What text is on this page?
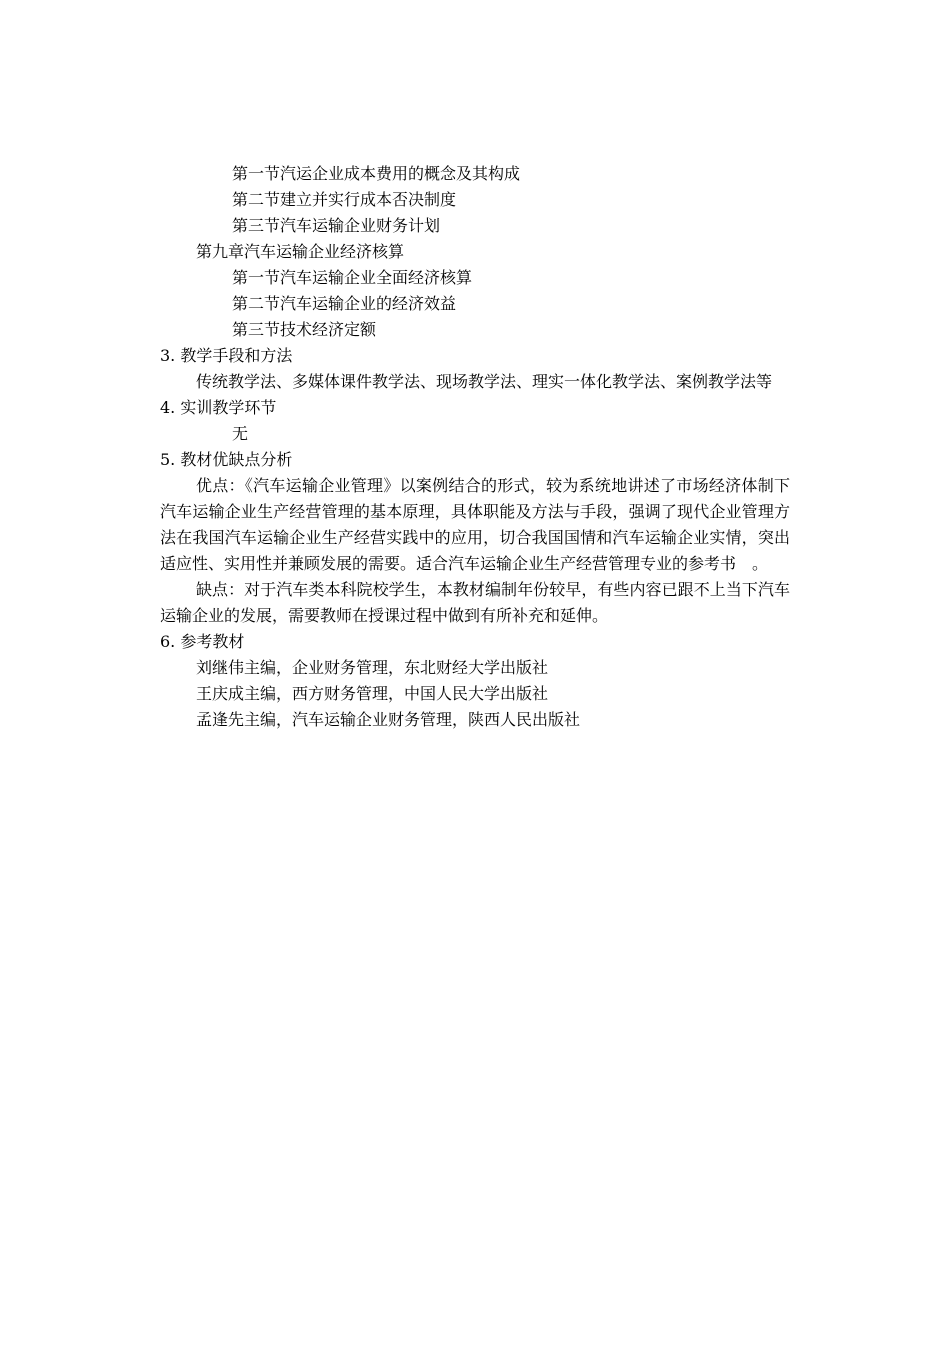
第一节汽运企业成本费用的概念及其构成
第二节建立并实行成本否决制度
第三节汽车运输企业财务计划
第九章汽车运输企业经济核算
第一节汽车运输企业全面经济核算
第二节汽车运输企业的经济效益
第三节技术经济定额
3. 教学手段和方法
传统教学法、多媒体课件教学法、现场教学法、理实一体化教学法、案例教学法等
4. 实训教学环节
无
5. 教材优缺点分析
优点：《汽车运输企业管理》以案例结合的形式，较为系统地讲述了市场经济体制下汽车运输企业生产经营管理的基本原理，具体职能及方法与手段，强调了现代企业管理方法在我国汽车运输企业生产经营实践中的应用，切合我国国情和汽车运输企业实情，突出适应性、实用性并兼顾发展的需要。适合汽车运输企业生产经营管理专业的参考书　。
缺点：对于汽车类本科院校学生，本教材编制年份较早，有些内容已跟不上当下汽车运输企业的发展，需要教师在授课过程中做到有所补充和延伸。
6. 参考教材
刘继伟主编，企业财务管理，东北财经大学出版社
王庆成主编，西方财务管理，中国人民大学出版社
孟逢先主编，汽车运输企业财务管理，陕西人民出版社
